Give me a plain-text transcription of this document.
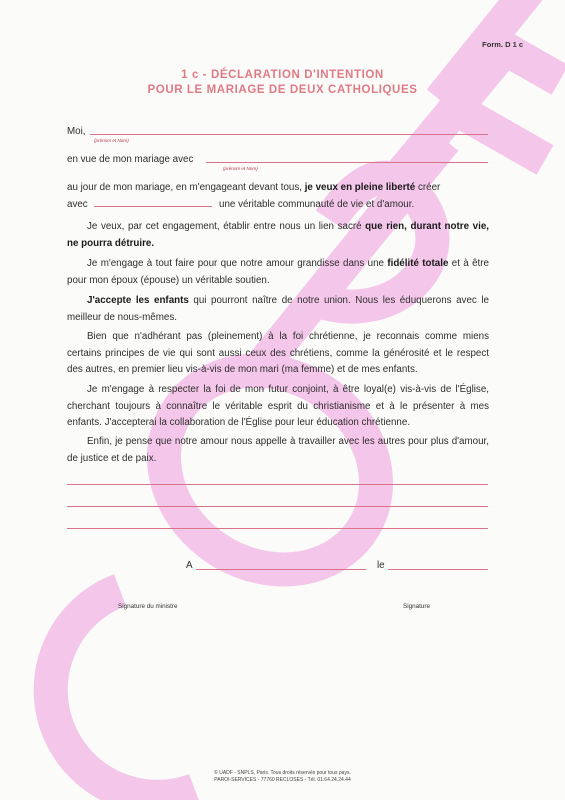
Form. D 1 c
1 c - DÉCLARATION D'INTENTION
POUR LE MARIAGE DE DEUX CATHOLIQUES
Moi,
(prénom et Nom)
en vue de mon mariage avec
(prénom et Nom)
au jour de mon mariage, en m'engageant devant tous, je veux en pleine liberté créer
avec	une véritable communauté de vie et d'amour.
Je veux, par cet engagement, établir entre nous un lien sacré que rien, durant notre vie, ne pourra détruire.
Je m'engage à tout faire pour que notre amour grandisse dans une fidélité totale et à être pour mon époux (épouse) un véritable soutien.
J'accepte les enfants qui pourront naître de notre union. Nous les éduquerons avec le meilleur de nous-mêmes.
Bien que n'adhérant pas (pleinement) à la foi chrétienne, je reconnais comme miens certains principes de vie qui sont aussi ceux des chrétiens, comme la générosité et le respect des autres, en premier lieu vis-à-vis de mon mari (ma femme) et de mes enfants.
Je m'engage à respecter la foi de mon futur conjoint, à être loyal(e) vis-à-vis de l'Église, cherchant toujours à connaître le véritable esprit du christianisme et à le présenter à mes enfants. J'accepterai la collaboration de l'Église pour leur éducation chrétienne.
Enfin, je pense que notre amour nous appelle à travailler avec les autres pour plus d'amour, de justice et de paix.
A	le
Signature du ministre	Signature
© UADF - SNPLS, Paris. Tous droits réservés pour tous pays.
PAROI-SERVICES - 77760 RECLOSES - Tél. 01.64.24.24.44
